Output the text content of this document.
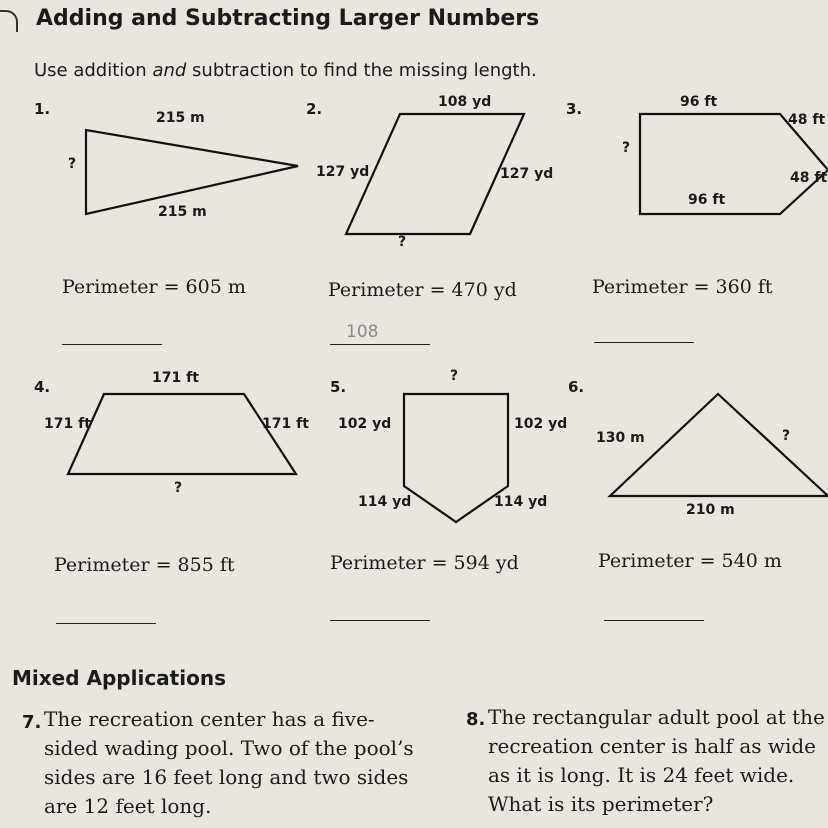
Adding and Subtracting Larger Numbers
Use addition and subtraction to find the missing length.
1.	215 m
?
215 m
Perimeter = 605 m
2.	108 yd
127 yd	127 yd
?
Perimeter = 470 yd
108
3.	96 ft
48 ft
?
48 ft
96 ft
Perimeter = 360 ft
4.	171 ft
171 ft	171 ft
?
Perimeter = 855 ft
5.
?
102 yd	102 yd
114 yd	114 yd
Perimeter = 594 yd
6.
130 m	?
210 m
Perimeter = 540 m
Mixed Applications
7. The recreation center has a five-sided wading pool. Two of the pool’s sides are 16 feet long and two sides are 12 feet long.
8. The rectangular adult pool at the recreation center is half as wide as it is long. It is 24 feet wide. What is its perimeter?
